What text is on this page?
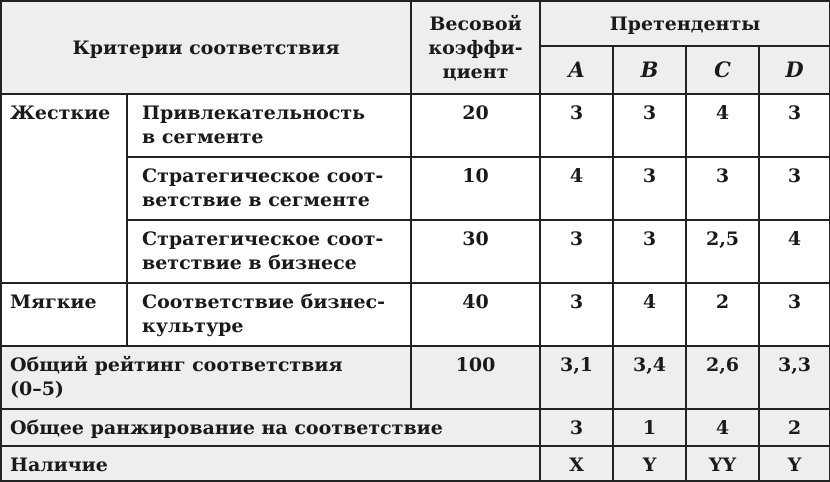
Критерии соответствия		Весовой
коэффи-
циент	Претенденты			
			A	B	C	D
Жесткие	Привлекательность
в сегменте	20	3	3	4	3

	Стратегическое соот-
ветствие в сегменте	10	4	3	3	3

	Стратегическое соот-
ветствие в бизнесе	30	3	3	2,5	4
Мягкие	Соответствие бизнес-
культуре	40	3	4	2	3

Общий рейтинг соответствия
(0–5)		100	3,1	3,4	2,6	3,3
Общее ранжирование на соответствие			3	1	4	2
Наличие			X	Y	YY	Y
